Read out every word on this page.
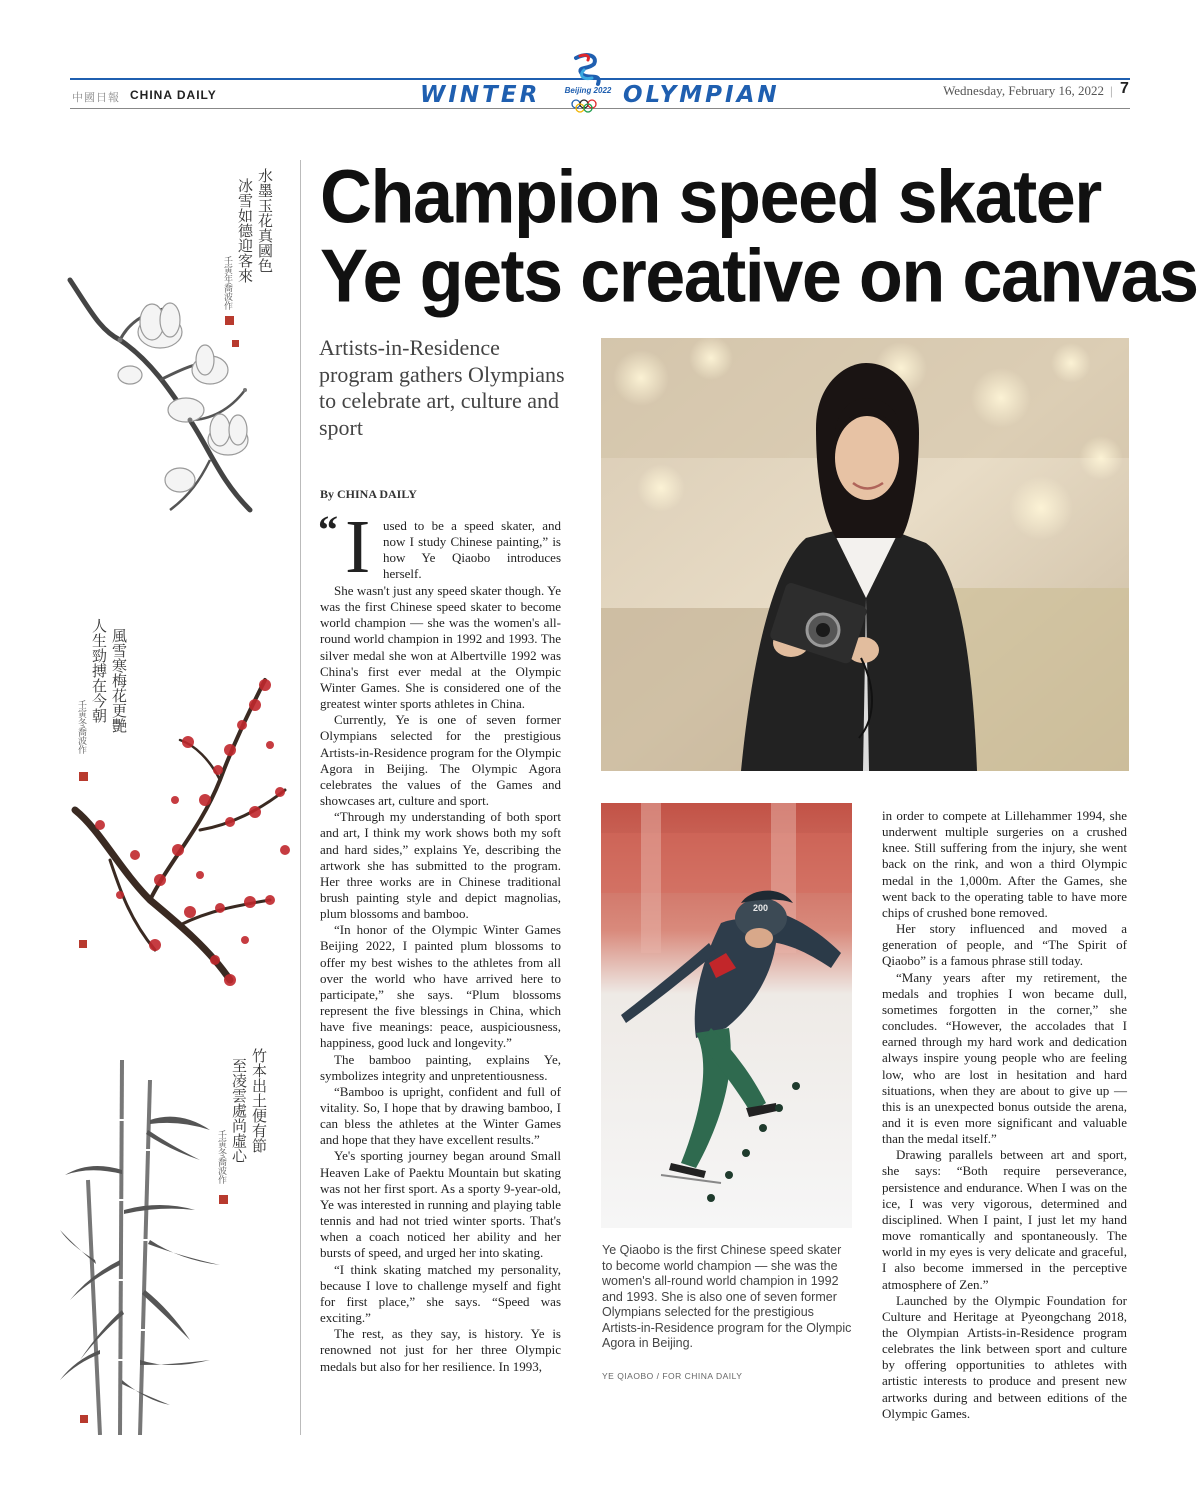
中國日報 CHINA DAILY	WINTER	Beijing 2022 OLYMPIAN	Wednesday, February 16, 2022 | 7
水墨玉花真國色
冰雪如德迎客來
壬寅年喬波作
風雪寒梅花更艷
人生勁搏在今朝
壬寅冬喬波作
竹本出土便有節
至凌雲處尚虛心
壬寅冬喬波作
Champion speed skater
Ye gets creative on canvas
Artists-in-Residence program gathers Olympians to celebrate art, culture and sport
By CHINA DAILY
“ I used to be a speed skater, and now I study Chinese painting,” is how Ye Qiaobo introduces herself.

She wasn't just any speed skater though. Ye was the first Chinese speed skater to become world champion — she was the women's all-round world champion in 1992 and 1993. The silver medal she won at Albertville 1992 was China's first ever medal at the Olympic Winter Games. She is considered one of the greatest winter sports athletes in China.

Currently, Ye is one of seven former Olympians selected for the prestigious Artists-in-Residence program for the Olympic Agora in Beijing. The Olympic Agora celebrates the values of the Games and showcases art, culture and sport.

“Through my understanding of both sport and art, I think my work shows both my soft and hard sides,” explains Ye, describing the artwork she has submitted to the program. Her three works are in Chinese traditional brush painting style and depict magnolias, plum blossoms and bamboo.

“In honor of the Olympic Winter Games Beijing 2022, I painted plum blossoms to offer my best wishes to the athletes from all over the world who have arrived here to participate,” she says. “Plum blossoms represent the five blessings in China, which have five meanings: peace, auspiciousness, happiness, good luck and longevity.”

The bamboo painting, explains Ye, symbolizes integrity and unpretentiousness.

“Bamboo is upright, confident and full of vitality. So, I hope that by drawing bamboo, I can bless the athletes at the Winter Games and hope that they have excellent results.”

Ye's sporting journey began around Small Heaven Lake of Paektu Mountain but skating was not her first sport. As a sporty 9-year-old, Ye was interested in running and playing table tennis and had not tried winter sports. That's when a coach noticed her ability and her bursts of speed, and urged her into skating.

“I think skating matched my personality, because I love to challenge myself and fight for first place,” she says. “Speed was exciting.”

The rest, as they say, is history. Ye is renowned not just for her three Olympic medals but also for her resilience. In 1993,

200
Ye Qiaobo is the first Chinese speed skater to become world champion — she was the women's all-round world champion in 1992 and 1993. She is also one of seven former Olympians selected for the prestigious Artists-in-Residence program for the Olympic Agora in Beijing.
YE QIAOBO / FOR CHINA DAILY

in order to compete at Lillehammer 1994, she underwent multiple surgeries on a crushed knee. Still suffering from the injury, she went back on the rink, and won a third Olympic medal in the 1,000m. After the Games, she went back to the operating table to have more chips of crushed bone removed.

Her story influenced and moved a generation of people, and “The Spirit of Qiaobo” is a famous phrase still today.

“Many years after my retirement, the medals and trophies I won became dull, sometimes forgotten in the corner,” she concludes. “However, the accolades that I earned through my hard work and dedication always inspire young people who are feeling low, who are lost in hesitation and hard situations, when they are about to give up — this is an unexpected bonus outside the arena, and it is even more significant and valuable than the medal itself.”

Drawing parallels between art and sport, she says: “Both require perseverance, persistence and endurance. When I was on the ice, I was very vigorous, determined and disciplined. When I paint, I just let my hand move romantically and spontaneously. The world in my eyes is very delicate and graceful, I also become immersed in the perceptive atmosphere of Zen.”

Launched by the Olympic Foundation for Culture and Heritage at Pyeongchang 2018, the Olympian Artists-in-Residence program celebrates the link between sport and culture by offering opportunities to athletes with artistic interests to produce and present new artworks during and between editions of the Olympic Games.
